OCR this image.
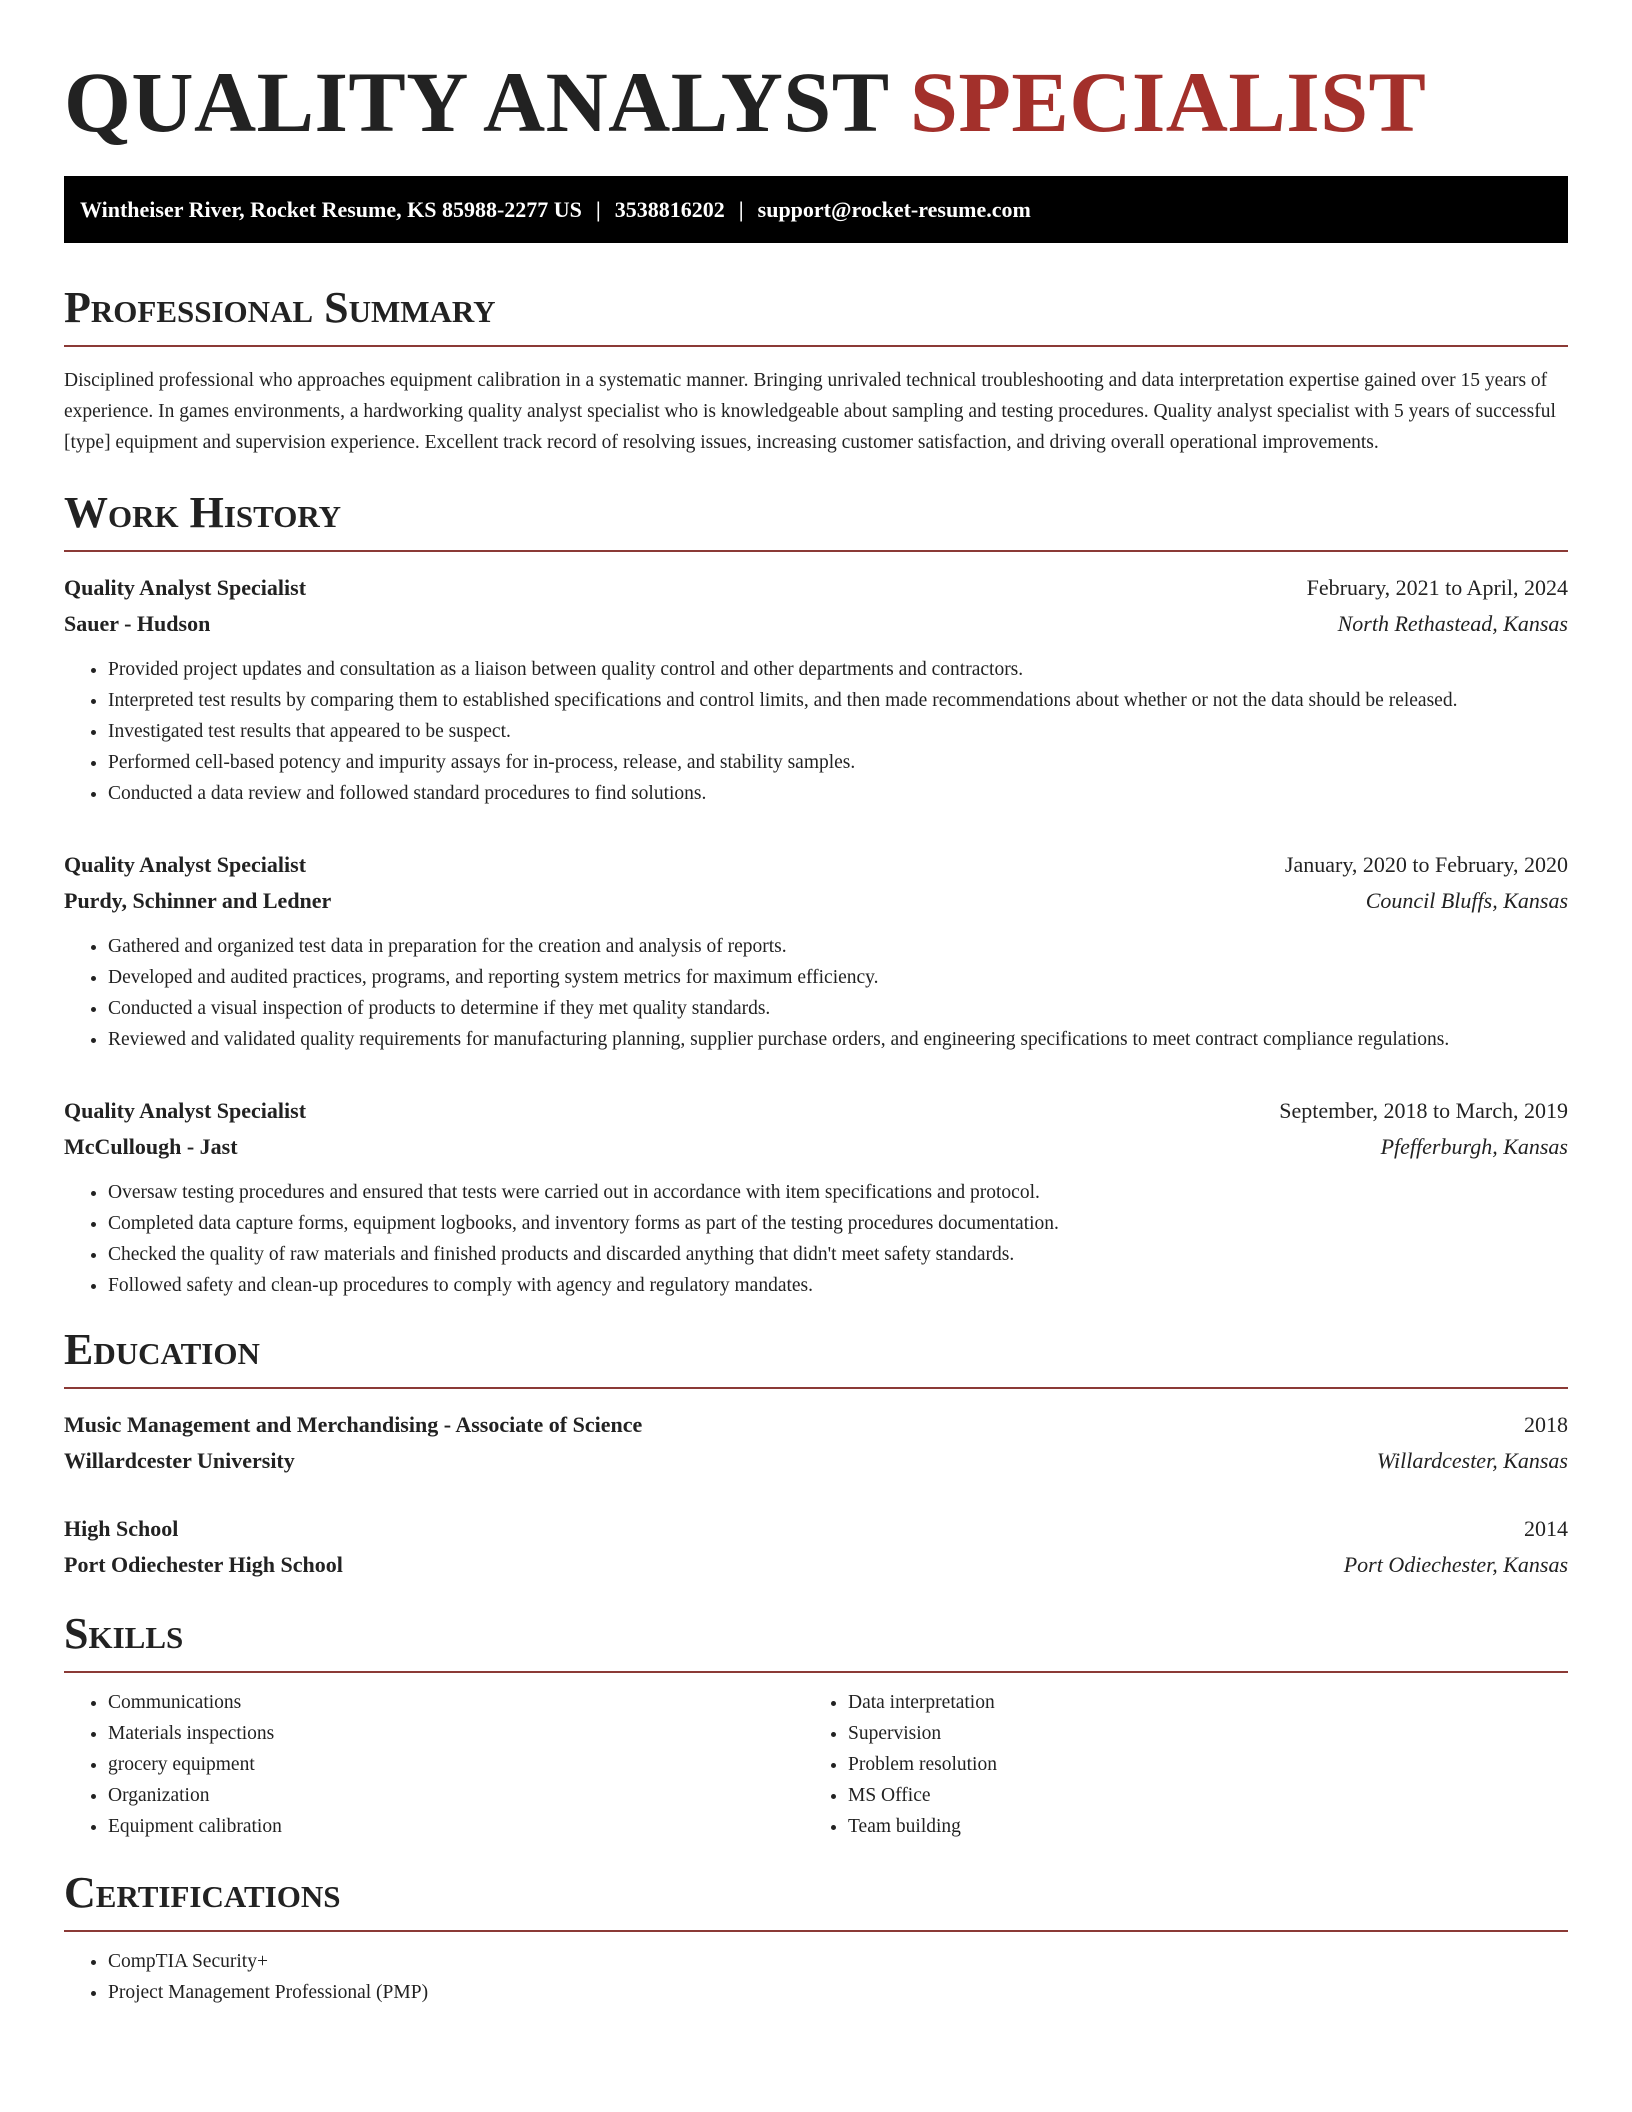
QUALITY ANALYST SPECIALIST
Wintheiser River, Rocket Resume, KS 85988-2277 US | 3538816202 | support@rocket-resume.com
Professional Summary

Disciplined professional who approaches equipment calibration in a systematic manner. Bringing unrivaled technical troubleshooting and data interpretation expertise gained over 15 years of experience. In games environments, a hardworking quality analyst specialist who is knowledgeable about sampling and testing procedures. Quality analyst specialist with 5 years of successful [type] equipment and supervision experience. Excellent track record of resolving issues, increasing customer satisfaction, and driving overall operational improvements.

Work History
Quality Analyst Specialist	February, 2021 to April, 2024
Sauer - Hudson	North Rethastead, Kansas
• Provided project updates and consultation as a liaison between quality control and other departments and contractors.
• Interpreted test results by comparing them to established specifications and control limits, and then made recommendations about whether or not the data should be released.
• Investigated test results that appeared to be suspect.
• Performed cell-based potency and impurity assays for in-process, release, and stability samples.
• Conducted a data review and followed standard procedures to find solutions.
Quality Analyst Specialist	January, 2020 to February, 2020
Purdy, Schinner and Ledner	Council Bluffs, Kansas
• Gathered and organized test data in preparation for the creation and analysis of reports.
• Developed and audited practices, programs, and reporting system metrics for maximum efficiency.
• Conducted a visual inspection of products to determine if they met quality standards.
• Reviewed and validated quality requirements for manufacturing planning, supplier purchase orders, and engineering specifications to meet contract compliance regulations.
Quality Analyst Specialist	September, 2018 to March, 2019
McCullough - Jast	Pfefferburgh, Kansas
• Oversaw testing procedures and ensured that tests were carried out in accordance with item specifications and protocol.
• Completed data capture forms, equipment logbooks, and inventory forms as part of the testing procedures documentation.
• Checked the quality of raw materials and finished products and discarded anything that didn't meet safety standards.
• Followed safety and clean-up procedures to comply with agency and regulatory mandates.
Education
Music Management and Merchandising - Associate of Science	2018
Willardcester University	Willardcester, Kansas
High School	2014
Port Odiechester High School	Port Odiechester, Kansas
Skills
• Communications
• Materials inspections
• grocery equipment
• Organization
• Equipment calibration
• Data interpretation
• Supervision
• Problem resolution
• MS Office
• Team building
Certifications
• CompTIA Security+
• Project Management Professional (PMP)
